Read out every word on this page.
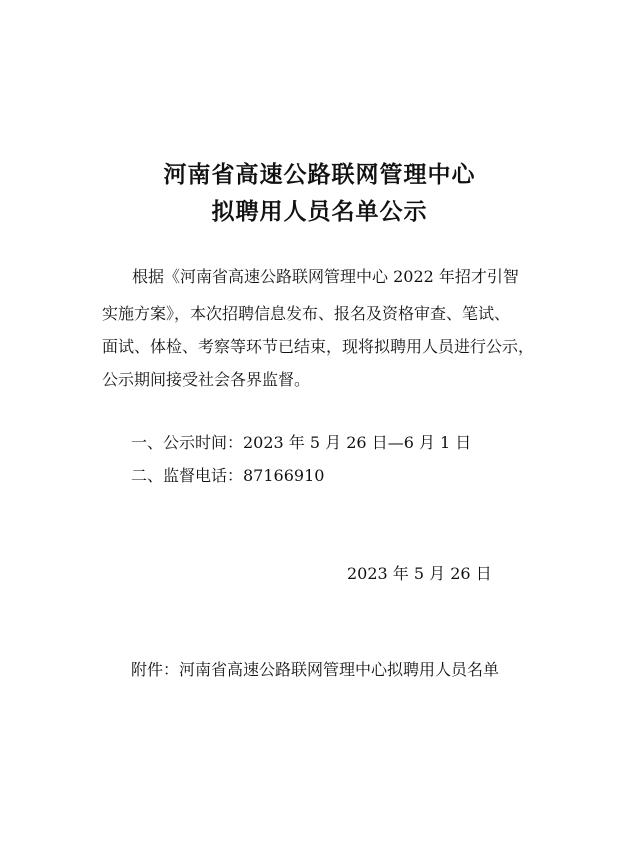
河南省高速公路联网管理中心
拟聘用人员名单公示
根据《河南省高速公路联网管理中心 2022 年招才引智
实施方案》，本次招聘信息发布、报名及资格审查、笔试、
面试、体检、考察等环节已结束，现将拟聘用人员进行公示，
公示期间接受社会各界监督。
一、公示时间：2023 年 5 月 26 日—6 月 1 日
二、监督电话：87166910
2023 年 5 月 26 日
附件：河南省高速公路联网管理中心拟聘用人员名单
